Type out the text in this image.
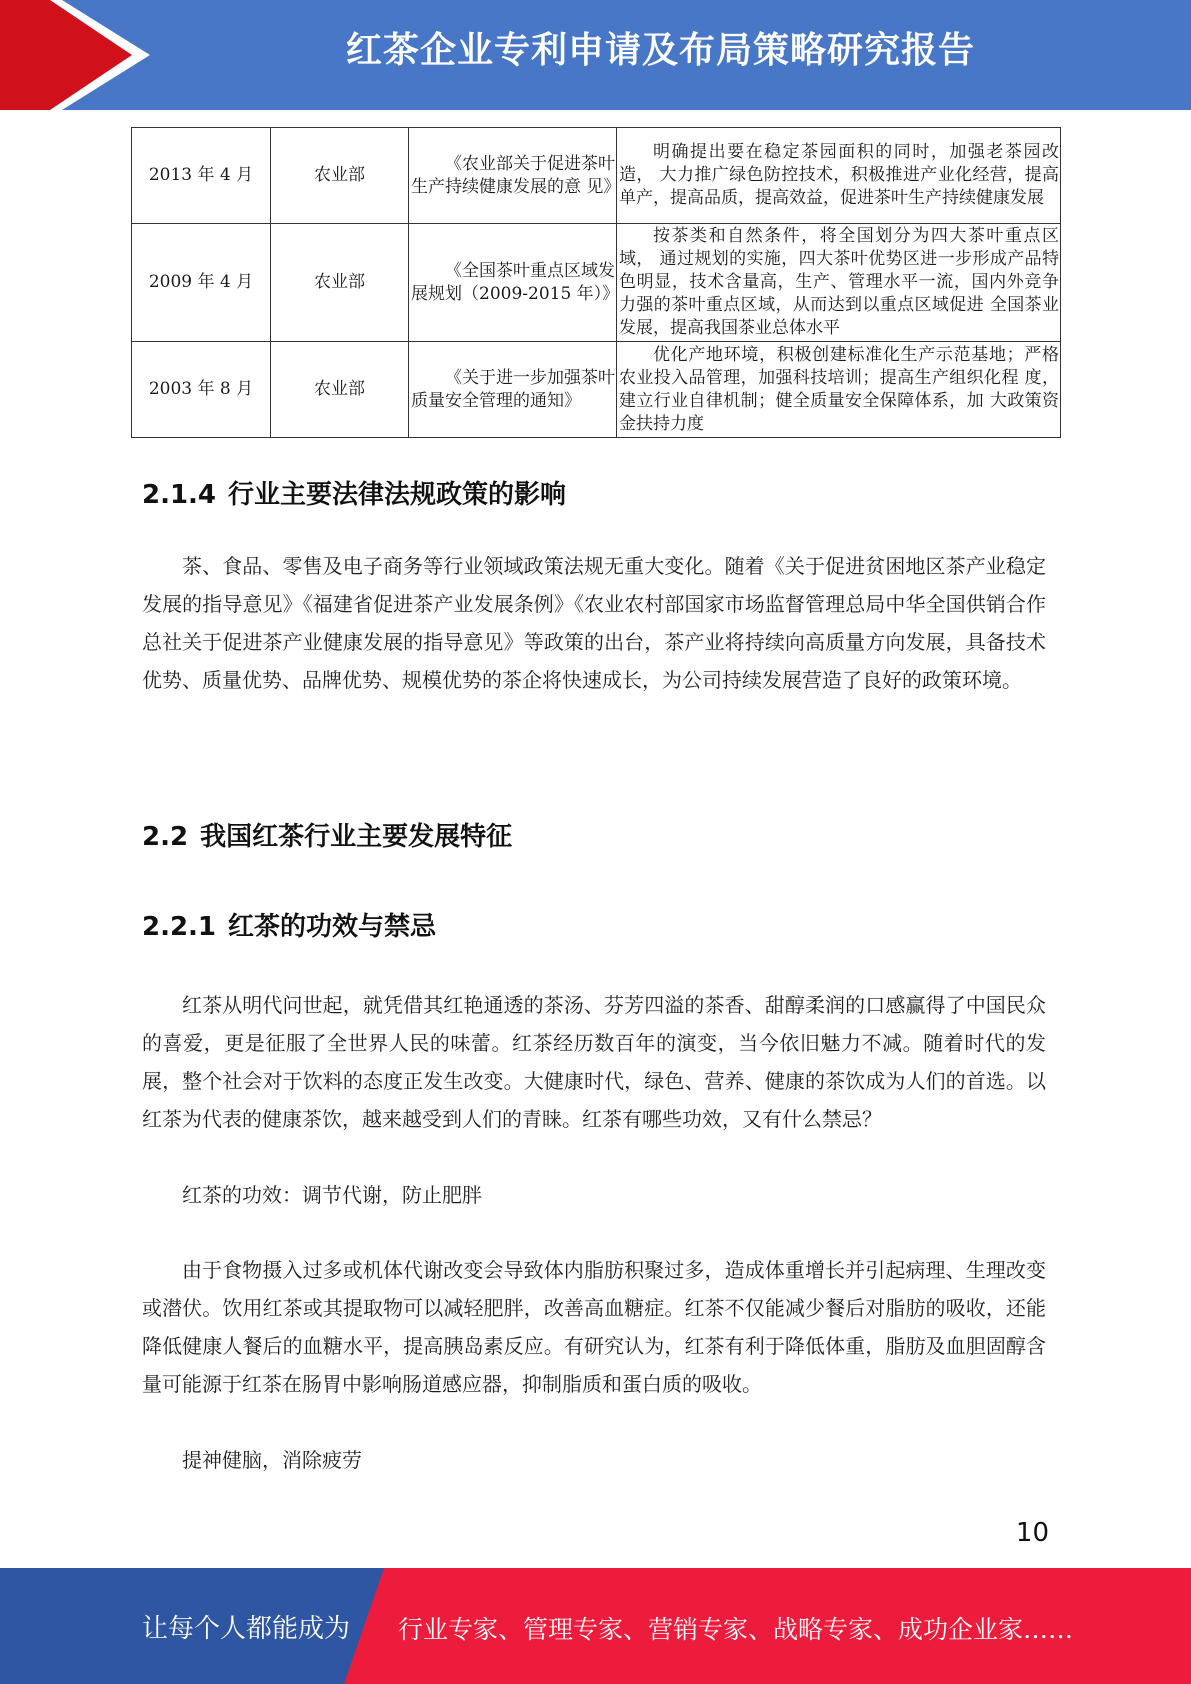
红茶企业专利申请及布局策略研究报告
2013 年 4 月	农业部	《农业部关于促进茶叶 生产持续健康发展的意 见》	明确提出要在稳定茶园面积的同时，加强老茶园改造， 大力推广绿色防控技术，积极推进产业化经营，提高 单产，提高品质，提高效益，促进茶叶生产持续健康发展
2009 年 4 月	农业部	《全国茶叶重点区域发 展规划（2009-2015 年）》	按茶类和自然条件，将全国划分为四大茶叶重点区域， 通过规划的实施，四大茶叶优势区进一步形成产品特 色明显，技术含量高，生产、管理水平一流，国内外竞争力强的茶叶重点区域，从而达到以重点区域促进 全国茶业发展，提高我国茶业总体水平
2003 年 8 月	农业部	《关于进一步加强茶叶 质量安全管理的通知》	优化产地环境，积极创建标准化生产示范基地；严格农业投入品管理，加强科技培训；提高生产组织化程 度，建立行业自律机制；健全质量安全保障体系，加 大政策资金扶持力度
2.1.4 行业主要法律法规政策的影响
茶、食品、零售及电子商务等行业领域政策法规无重大变化。随着《关于促进贫困地区茶产业稳定发展的指导意见》《福建省促进茶产业发展条例》《农业农村部国家市场监督管理总局中华全国供销合作总社关于促进茶产业健康发展的指导意见》等政策的出台，茶产业将持续向高质量方向发展，具备技术优势、质量优势、品牌优势、规模优势的茶企将快速成长，为公司持续发展营造了良好的政策环境。
2.2 我国红茶行业主要发展特征
2.2.1 红茶的功效与禁忌
红茶从明代问世起，就凭借其红艳通透的茶汤、芬芳四溢的茶香、甜醇柔润的口感赢得了中国民众的喜爱，更是征服了全世界人民的味蕾。红茶经历数百年的演变，当今依旧魅力不减。随着时代的发展，整个社会对于饮料的态度正发生改变。大健康时代，绿色、营养、健康的茶饮成为人们的首选。以红茶为代表的健康茶饮，越来越受到人们的青睐。红茶有哪些功效，又有什么禁忌？
红茶的功效：调节代谢，防止肥胖
由于食物摄入过多或机体代谢改变会导致体内脂肪积聚过多，造成体重增长并引起病理、生理改变或潜伏。饮用红茶或其提取物可以减轻肥胖，改善高血糖症。红茶不仅能减少餐后对脂肪的吸收，还能降低健康人餐后的血糖水平，提高胰岛素反应。有研究认为，红茶有利于降低体重，脂肪及血胆固醇含量可能源于红茶在肠胃中影响肠道感应器，抑制脂质和蛋白质的吸收。
提神健脑，消除疲劳
10
让每个人都能成为 行业专家、管理专家、营销专家、战略专家、成功企业家……
